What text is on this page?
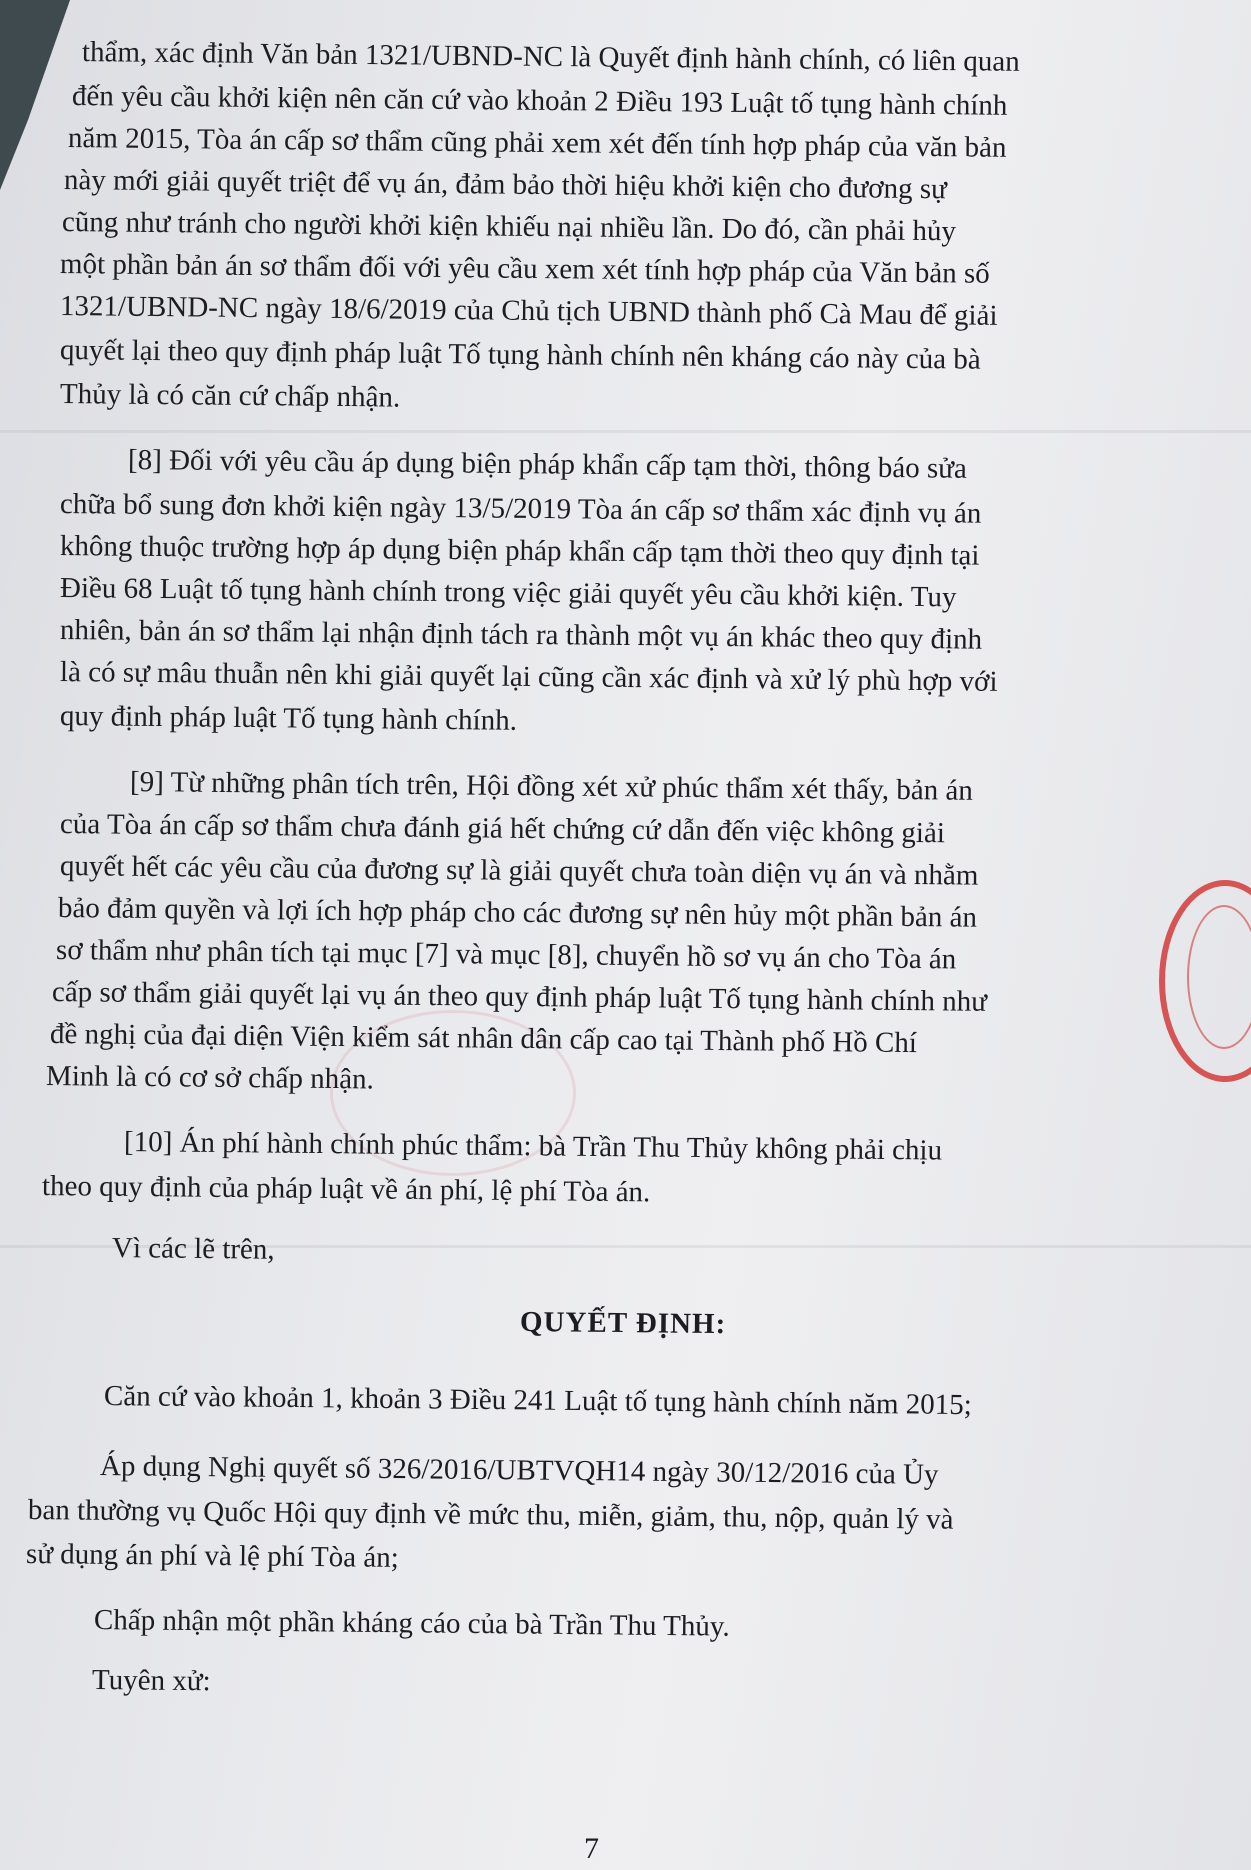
thẩm, xác định Văn bản 1321/UBND-NC là Quyết định hành chính, có liên quan
đến yêu cầu khởi kiện nên căn cứ vào khoản 2 Điều 193 Luật tố tụng hành chính
năm 2015, Tòa án cấp sơ thẩm cũng phải xem xét đến tính hợp pháp của văn bản
này mới giải quyết triệt để vụ án, đảm bảo thời hiệu khởi kiện cho đương sự
cũng như tránh cho người khởi kiện khiếu nại nhiều lần. Do đó, cần phải hủy
một phần bản án sơ thẩm đối với yêu cầu xem xét tính hợp pháp của Văn bản số
1321/UBND-NC ngày 18/6/2019 của Chủ tịch UBND thành phố Cà Mau để giải
quyết lại theo quy định pháp luật Tố tụng hành chính nên kháng cáo này của bà
Thủy là có căn cứ chấp nhận.
[8] Đối với yêu cầu áp dụng biện pháp khẩn cấp tạm thời, thông báo sửa
chữa bổ sung đơn khởi kiện ngày 13/5/2019 Tòa án cấp sơ thẩm xác định vụ án
không thuộc trường hợp áp dụng biện pháp khẩn cấp tạm thời theo quy định tại
Điều 68 Luật tố tụng hành chính trong việc giải quyết yêu cầu khởi kiện. Tuy
nhiên, bản án sơ thẩm lại nhận định tách ra thành một vụ án khác theo quy định
là có sự mâu thuẫn nên khi giải quyết lại cũng cần xác định và xử lý phù hợp với
quy định pháp luật Tố tụng hành chính.
[9] Từ những phân tích trên, Hội đồng xét xử phúc thẩm xét thấy, bản án
của Tòa án cấp sơ thẩm chưa đánh giá hết chứng cứ dẫn đến việc không giải
quyết hết các yêu cầu của đương sự là giải quyết chưa toàn diện vụ án và nhằm
bảo đảm quyền và lợi ích hợp pháp cho các đương sự nên hủy một phần bản án
sơ thẩm như phân tích tại mục [7] và mục [8], chuyển hồ sơ vụ án cho Tòa án
cấp sơ thẩm giải quyết lại vụ án theo quy định pháp luật Tố tụng hành chính như
đề nghị của đại diện Viện kiểm sát nhân dân cấp cao tại Thành phố Hồ Chí
Minh là có cơ sở chấp nhận.
[10] Án phí hành chính phúc thẩm: bà Trần Thu Thủy không phải chịu
theo quy định của pháp luật về án phí, lệ phí Tòa án.
Vì các lẽ trên,
QUYẾT ĐỊNH:
Căn cứ vào khoản 1, khoản 3 Điều 241 Luật tố tụng hành chính năm 2015;
Áp dụng Nghị quyết số 326/2016/UBTVQH14 ngày 30/12/2016 của Ủy
ban thường vụ Quốc Hội quy định về mức thu, miễn, giảm, thu, nộp, quản lý và
sử dụng án phí và lệ phí Tòa án;
Chấp nhận một phần kháng cáo của bà Trần Thu Thủy.
Tuyên xử:
7
